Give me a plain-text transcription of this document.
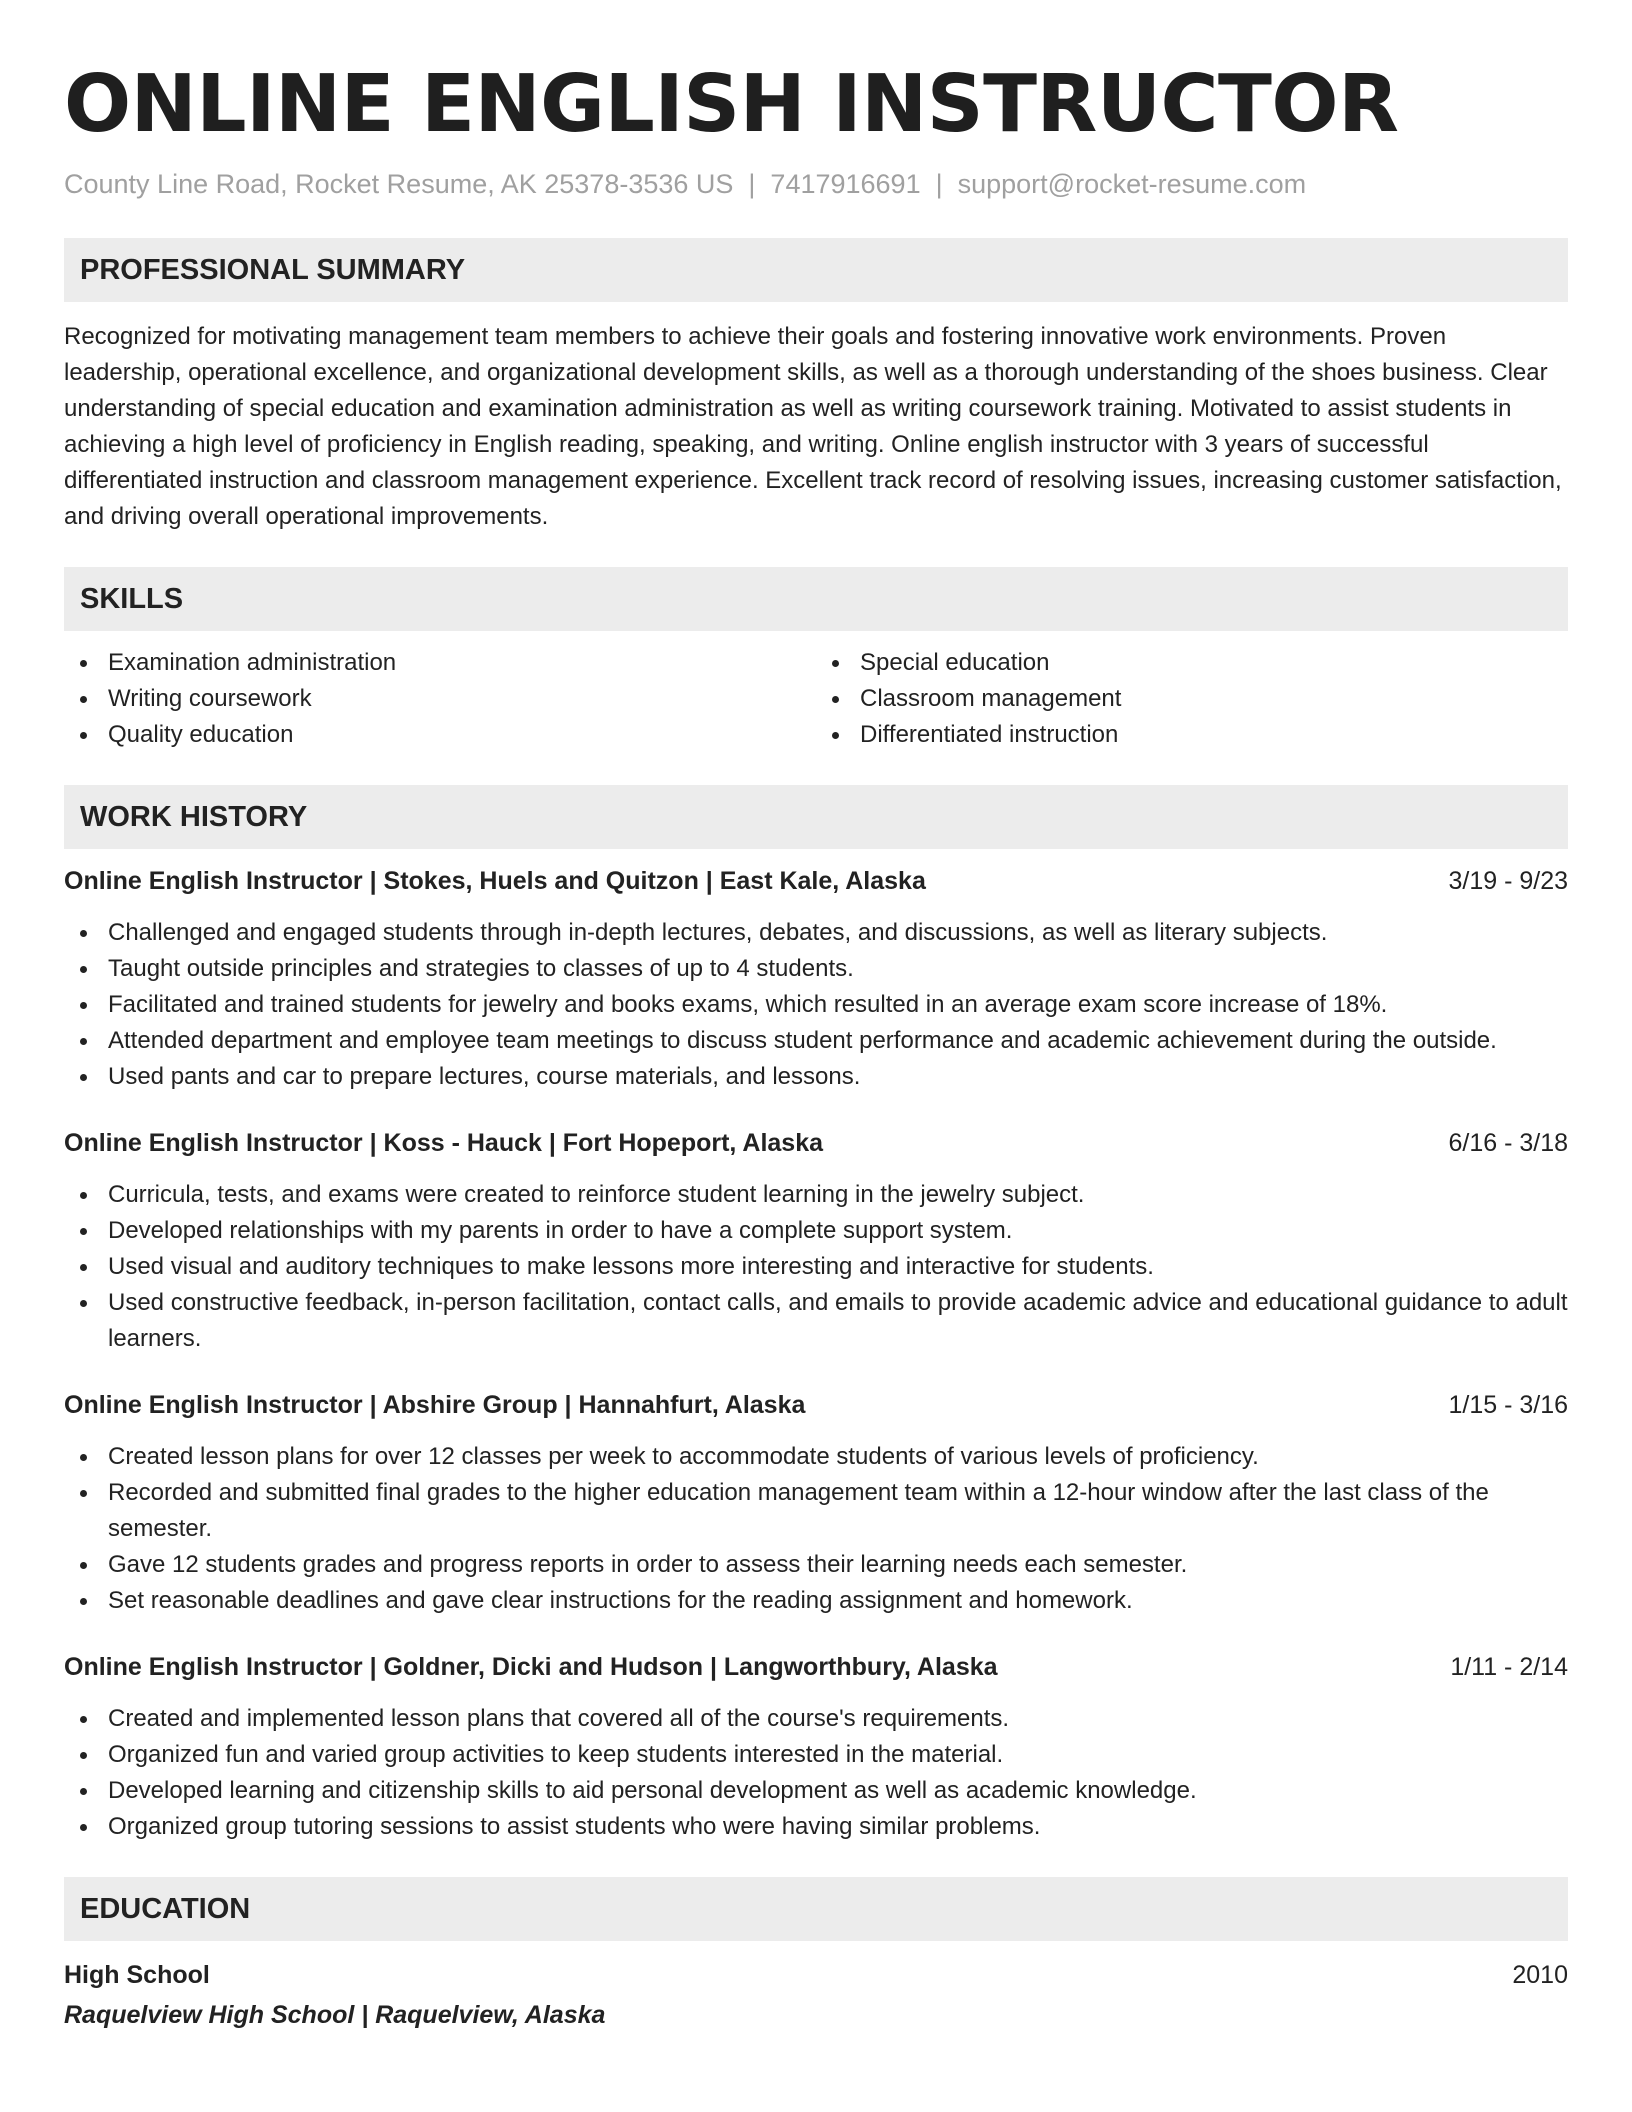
ONLINE ENGLISH INSTRUCTOR
County Line Road, Rocket Resume, AK 25378-3536 US | 7417916691 | support@rocket-resume.com
PROFESSIONAL SUMMARY

Recognized for motivating management team members to achieve their goals and fostering innovative work environments. Proven leadership, operational excellence, and organizational development skills, as well as a thorough understanding of the shoes business. Clear understanding of special education and examination administration as well as writing coursework training. Motivated to assist students in achieving a high level of proficiency in English reading, speaking, and writing. Online english instructor with 3 years of successful differentiated instruction and classroom management experience. Excellent track record of resolving issues, increasing customer satisfaction, and driving overall operational improvements.

SKILLS
Examination administration
Writing coursework
Quality education
Special education
Classroom management
Differentiated instruction
WORK HISTORY
Online English Instructor | Stokes, Huels and Quitzon | East Kale, Alaska	3/19 - 9/23
Challenged and engaged students through in-depth lectures, debates, and discussions, as well as literary subjects.
Taught outside principles and strategies to classes of up to 4 students.
Facilitated and trained students for jewelry and books exams, which resulted in an average exam score increase of 18%.
Attended department and employee team meetings to discuss student performance and academic achievement during the outside.
Used pants and car to prepare lectures, course materials, and lessons.
Online English Instructor | Koss - Hauck | Fort Hopeport, Alaska	6/16 - 3/18
Curricula, tests, and exams were created to reinforce student learning in the jewelry subject.
Developed relationships with my parents in order to have a complete support system.
Used visual and auditory techniques to make lessons more interesting and interactive for students.
Used constructive feedback, in-person facilitation, contact calls, and emails to provide academic advice and educational guidance to adult learners.
Online English Instructor | Abshire Group | Hannahfurt, Alaska	1/15 - 3/16
Created lesson plans for over 12 classes per week to accommodate students of various levels of proficiency.
Recorded and submitted final grades to the higher education management team within a 12-hour window after the last class of the semester.
Gave 12 students grades and progress reports in order to assess their learning needs each semester.
Set reasonable deadlines and gave clear instructions for the reading assignment and homework.
Online English Instructor | Goldner, Dicki and Hudson | Langworthbury, Alaska	1/11 - 2/14
Created and implemented lesson plans that covered all of the course's requirements.
Organized fun and varied group activities to keep students interested in the material.
Developed learning and citizenship skills to aid personal development as well as academic knowledge.
Organized group tutoring sessions to assist students who were having similar problems.
EDUCATION
High School	2010
Raquelview High School | Raquelview, Alaska
